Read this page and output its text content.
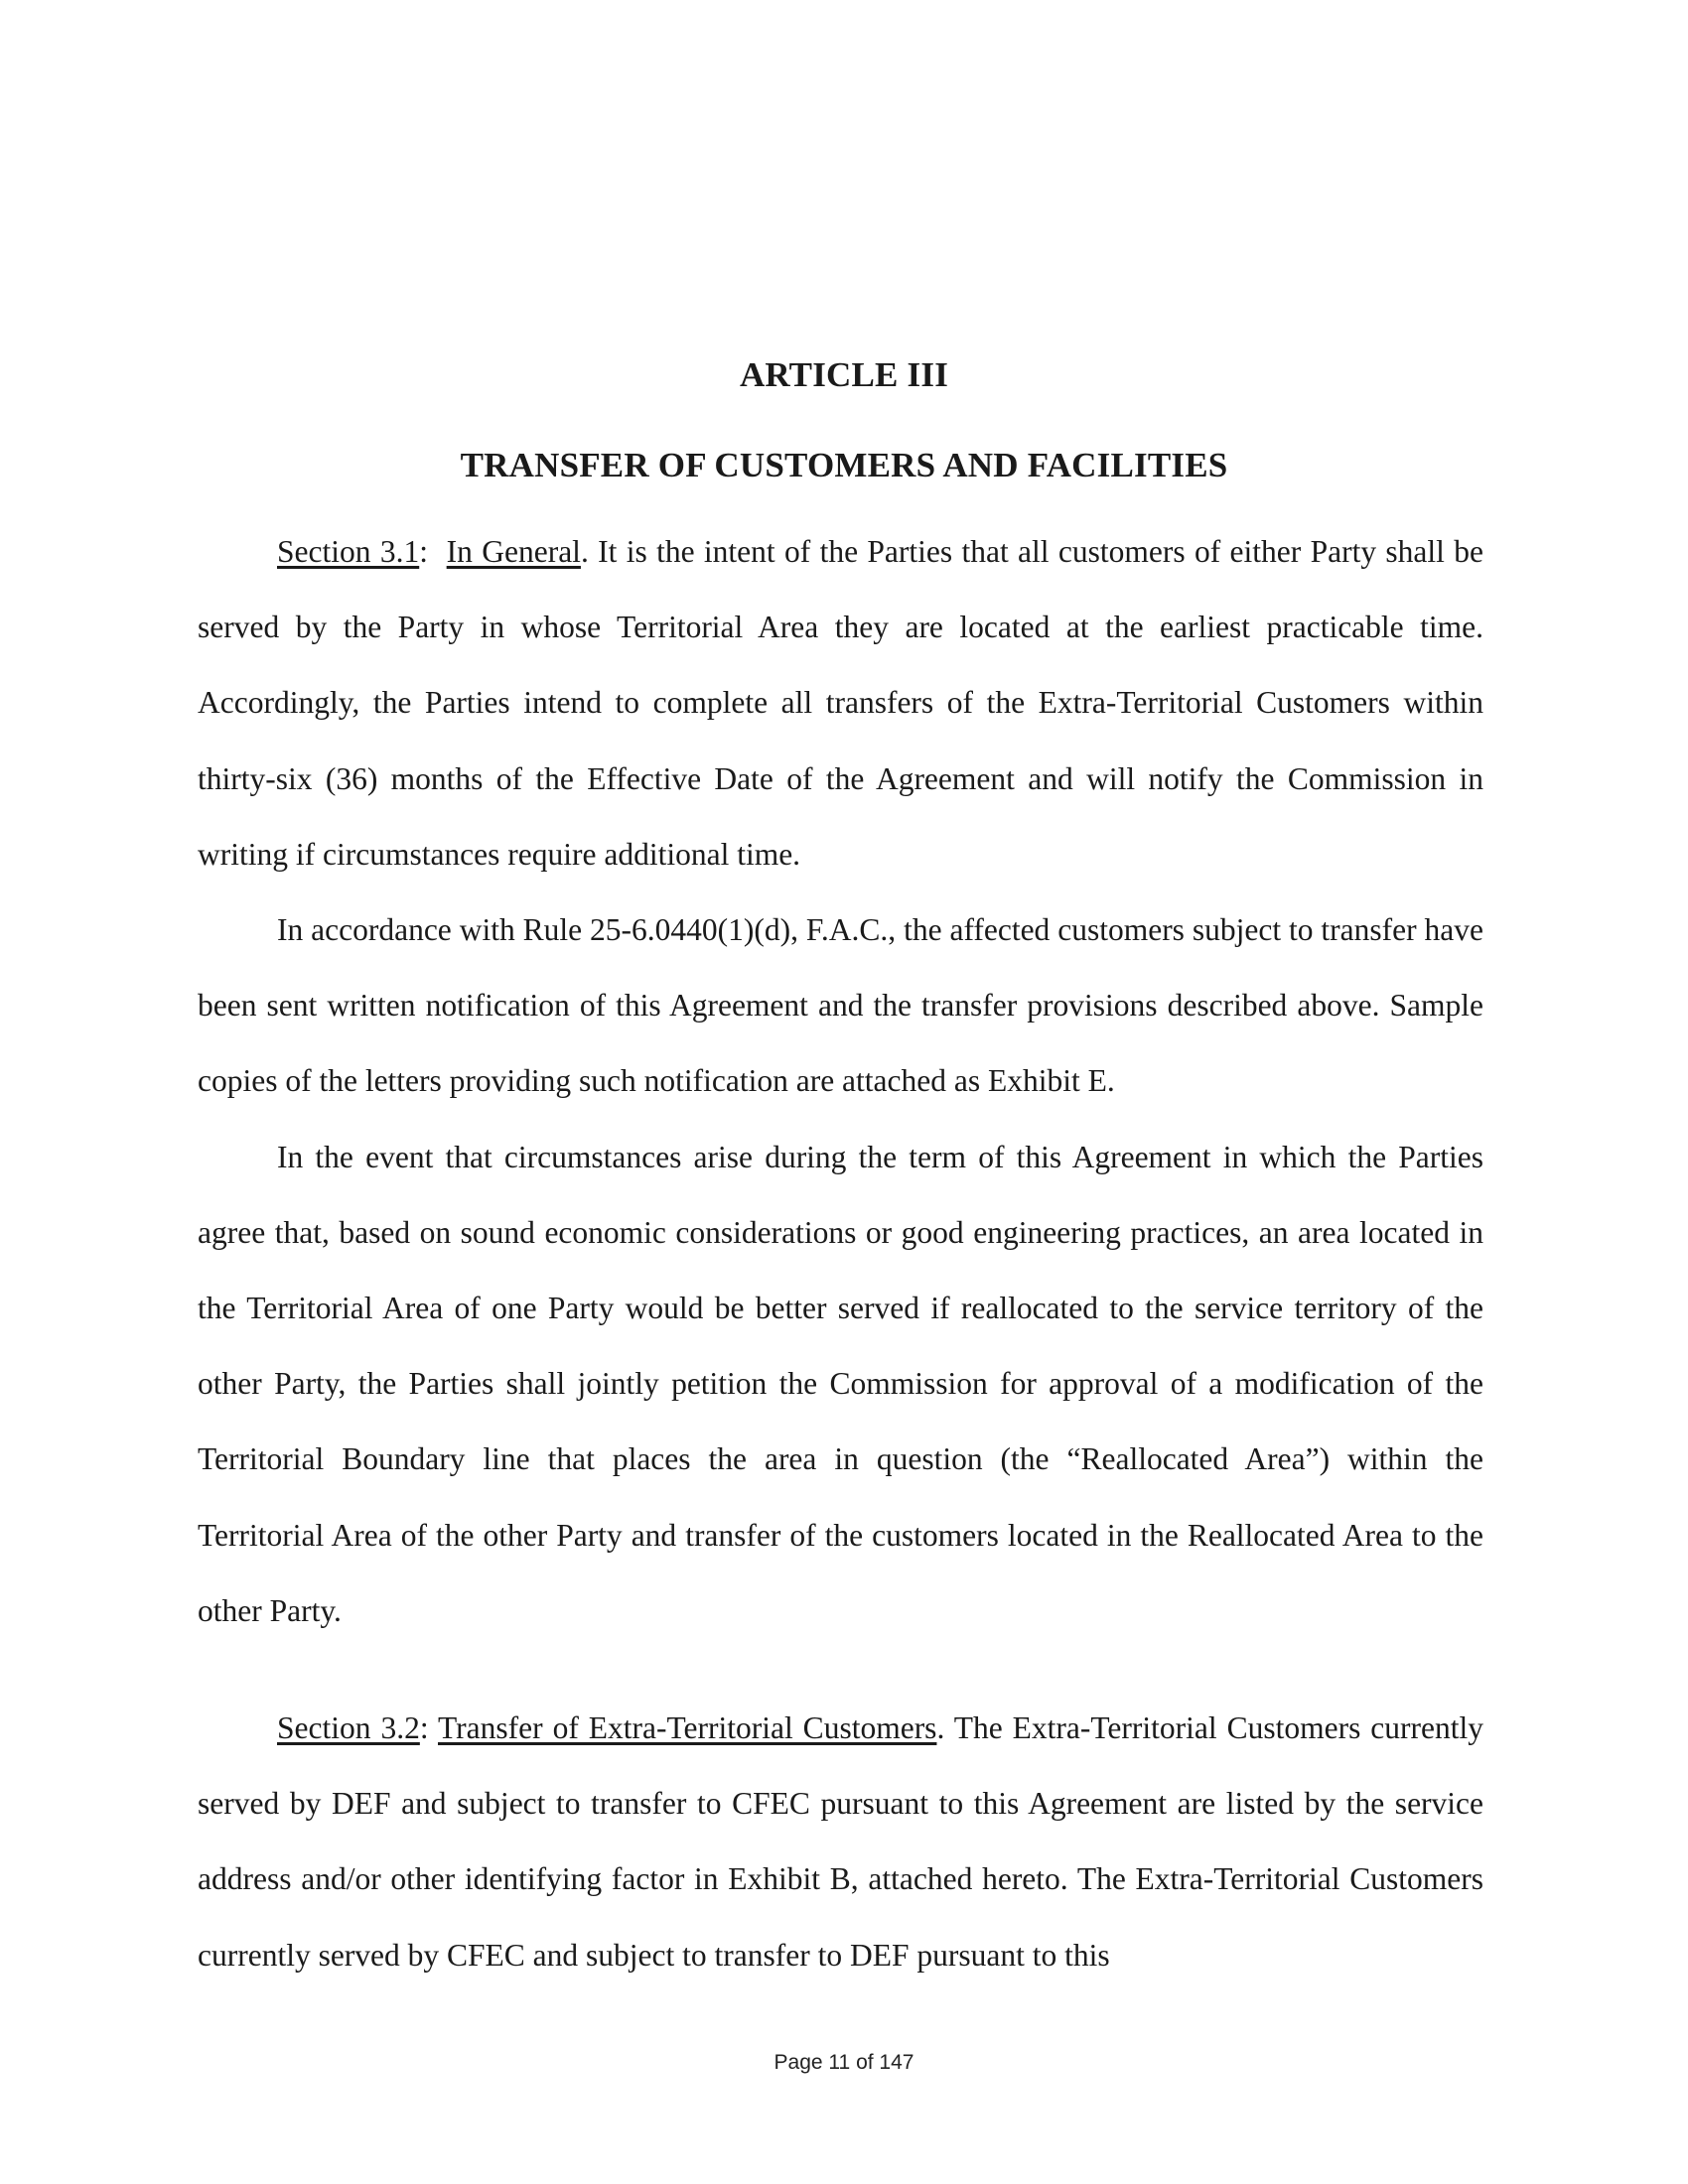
ARTICLE III
TRANSFER OF CUSTOMERS AND FACILITIES

Section 3.1:  In General. It is the intent of the Parties that all customers of either Party shall be served by the Party in whose Territorial Area they are located at the earliest practicable time. Accordingly, the Parties intend to complete all transfers of the Extra-Territorial Customers within thirty-six (36) months of the Effective Date of the Agreement and will notify the Commission in writing if circumstances require additional time.

In accordance with Rule 25-6.0440(1)(d), F.A.C., the affected customers subject to transfer have been sent written notification of this Agreement and the transfer provisions described above. Sample copies of the letters providing such notification are attached as Exhibit E.

In the event that circumstances arise during the term of this Agreement in which the Parties agree that, based on sound economic considerations or good engineering practices, an area located in the Territorial Area of one Party would be better served if reallocated to the service territory of the other Party, the Parties shall jointly petition the Commission for approval of a modification of the Territorial Boundary line that places the area in question (the “Reallocated Area”) within the Territorial Area of the other Party and transfer of the customers located in the Reallocated Area to the other Party.

Section 3.2: Transfer of Extra-Territorial Customers. The Extra-Territorial Customers currently served by DEF and subject to transfer to CFEC pursuant to this Agreement are listed by the service address and/or other identifying factor in Exhibit B, attached hereto. The Extra-Territorial Customers currently served by CFEC and subject to transfer to DEF pursuant to this

Page 11 of 147
